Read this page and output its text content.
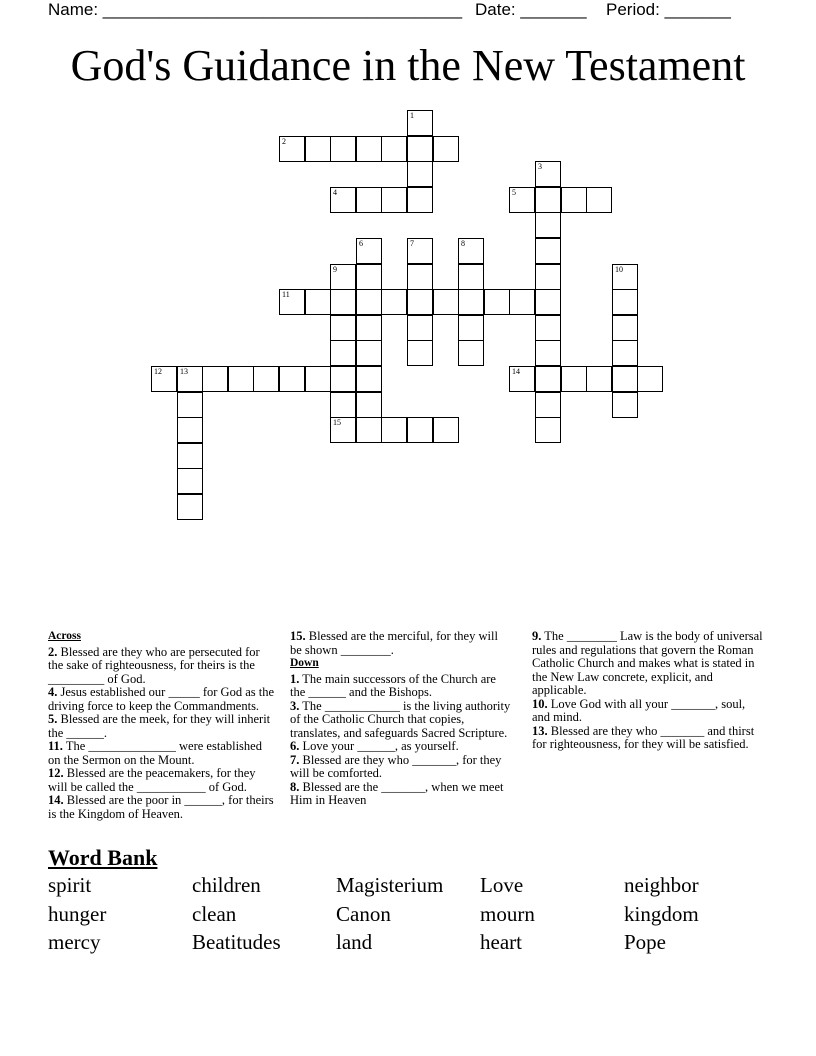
Name: ______________________________________ Date: _______ Period: _______
God's Guidance in the New Testament
1
2
3
4	5
6	7	8
9	10
11
12 13	14
15
Across
2. Blessed are they who are persecuted for the sake of righteousness, for theirs is the _________ of God.
4. Jesus established our _____ for God as the driving force to keep the Commandments.
5. Blessed are the meek, for they will inherit the ______.
11. The ______________ were established on the Sermon on the Mount.
12. Blessed are the peacemakers, for they will be called the ___________ of God.
14. Blessed are the poor in ______, for theirs is the Kingdom of Heaven.
15. Blessed are the merciful, for they will be shown ________.
Down
1. The main successors of the Church are the ______ and the Bishops.
3. The ____________ is the living authority of the Catholic Church that copies, translates, and safeguards Sacred Scripture.
6. Love your ______, as yourself.
7. Blessed are they who _______, for they will be comforted.
8. Blessed are the _______, when we meet Him in Heaven
9. The ________ Law is the body of universal rules and regulations that govern the Roman Catholic Church and makes what is stated in the New Law concrete, explicit, and applicable.
10. Love God with all your _______, soul, and mind.
13. Blessed are they who _______ and thirst for righteousness, for they will be satisfied.
Word Bank
spirit	children	Magisterium Love	neighbor
hunger	clean	Canon	mourn	kingdom
mercy	Beatitudes	land	heart	Pope
